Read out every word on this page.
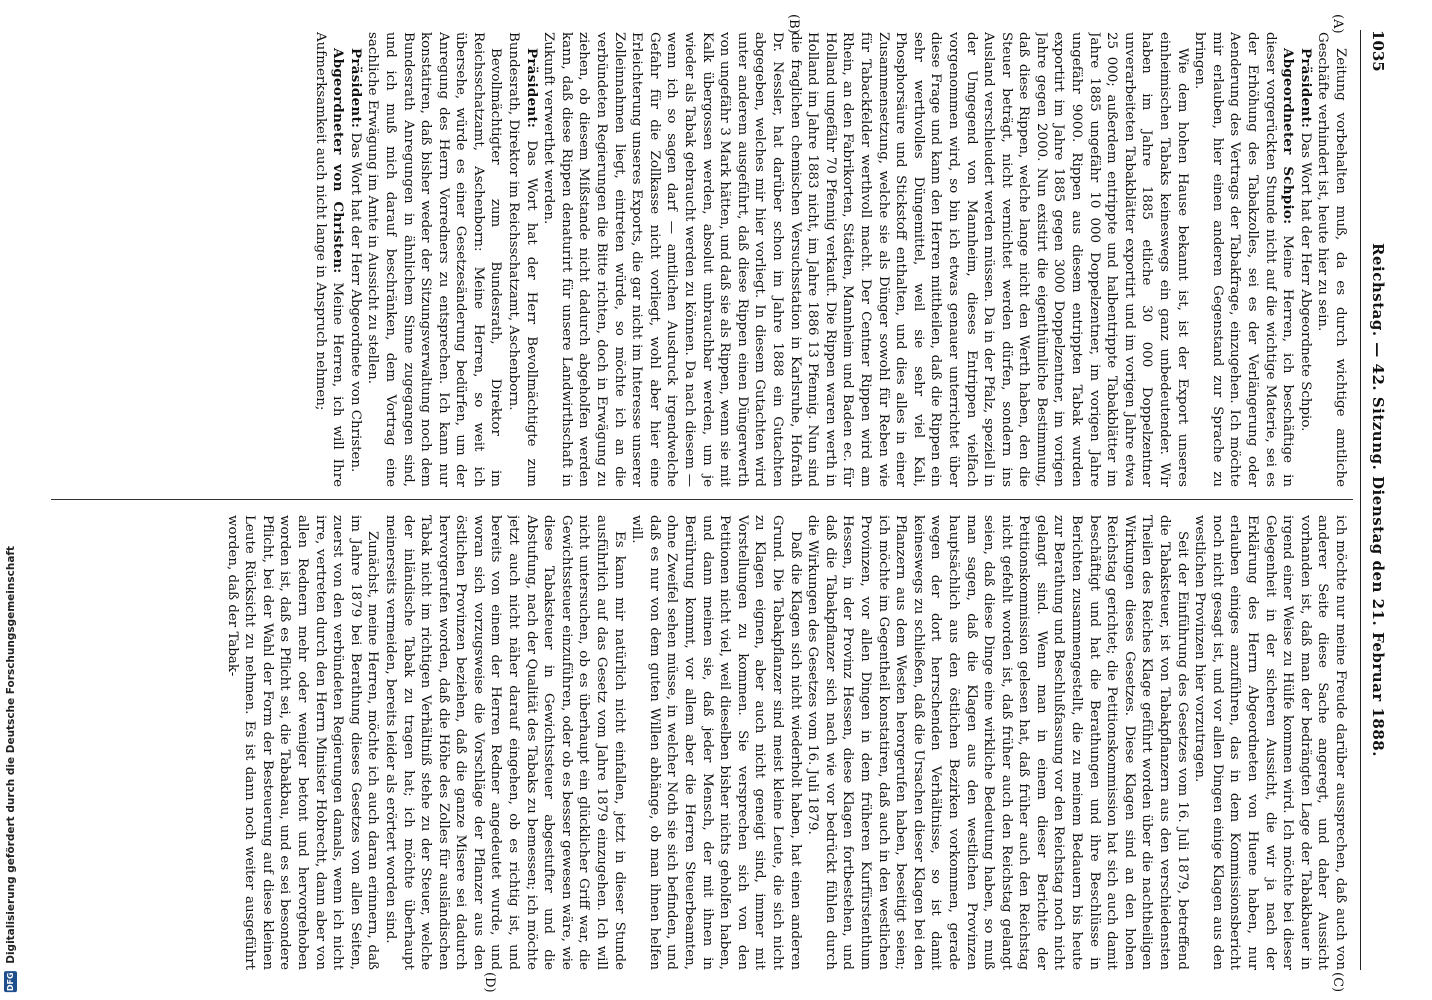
1035
Reichstag. — 42. Sitzung. Dienstag den 21. Februar 1888.
(A)
(B)
(C)
(D)

Zeitung vorbehalten muß, da es durch wichtige amtliche Geschäfte verhindert ist, heute hier zu sein.

Präsident: Das Wort hat der Herr Abgeordnete Schpio.

Abgeordneter Schpio: Meine Herren, ich beschäftige in dieser vorgerückten Stunde nicht auf die wichtige Materie, sei es der Erhöhung des Tabakzolles, sei es der Verlängerung oder Aenderung des Vertrags der Tabakfrage, einzugehen. Ich möchte mir erlauben, hier einen anderen Gegenstand zur Sprache zu bringen.

Wie dem hohen Hause bekannt ist, ist der Export unseres einheimischen Tabaks keineswegs ein ganz unbedeutender. Wir haben im Jahre 1885 etliche 30 000 Doppelzentner unverarbeiteten Tabakblätter exportirt und im vorigen Jahre etwa 25 000; außerdem entrippte und halbentrippte Tabakblätter im Jahre 1885 ungefähr 10 000 Doppelzentner, im vorigen Jahre ungefähr 9000. Rippen aus diesem entrippten Tabak wurden exportirt im Jahre 1885 gegen 3000 Doppelzentner, im vorigen Jahre gegen 2000. Nun existirt die eigenthümliche Bestimmung, daß diese Rippen, welche lange nicht den Werth haben, den die Steuer beträgt, nicht vernichtet werden dürfen, sondern ins Ausland verschleudert werden müssen. Da in der Pfalz, speziell in der Umgegend von Mannheim, dieses Entrippen vielfach vorgenommen wird, so bin ich etwas genauer unterrichtet über diese Frage und kann den Herren mittheilen, daß die Rippen ein sehr werthvolles Düngemittel, weil sie sehr viel Kali, Phosphorsäure und Stickstoff enthalten, und dies alles in einer Zusammensetzung, welche sie als Dünger sowohl für Reben wie für Tabackfelder werthvoll macht. Der Centner Rippen wird am Rhein, an den Fabrikorten, Städten, Mannheim und Baden ec. für Holland ungefähr 70 Pfennig verkauft. Die Rippen waren werth in Holland im Jahre 1883 nicht, im Jahre 1886 13 Pfennig. Nun sind die fraglichen chemischen Versuchsstation in Karlsruhe, Hofrath Dr. Nessler, hat darüber schon im Jahre 1888 ein Gutachten abgegeben, welches mir hier vorliegt. In diesem Gutachten wird unter anderem ausgeführt, daß diese Rippen einen Düngerwerth von ungefähr 3 Mark hätten, und daß sie als Rippen, wenn sie mit Kalk übergossen werden, absolut unbrauchbar werden, um je wieder als Tabak gebraucht werden zu können. Da nach diesem — wenn ich so sagen darf — amtlichen Ausdruck irgendwelche Gefahr für die Zollkasse nicht vorliegt, wohl aber hier eine Erleichterung unseres Exports, die gar nicht im Interesse unserer Zolleinnahmen liegt, eintreten würde, so möchte ich an die verbündeten Regierungen die Bitte richten, doch in Erwägung zu ziehen, ob diesem Mißstande nicht dadurch abgeholfen werden kann, daß diese Rippen denaturirt für unsere Landwirthschaft in Zukunft verwerthet werden.

Präsident: Das Wort hat der Herr Bevollmächtigte zum Bundesrath, Direktor im Reichsschatzamt, Aschenborn.

Bevollmächtigter zum Bundesrath, Direktor im Reichsschatzamt, Aschenborn: Meine Herren, so weit ich übersehe, würde es einer Gesetzesänderung bedürfen, um der Anregung des Herrn Vorredners zu entsprechen. Ich kann nur konstatiren, daß bisher weder der Sitzungsverwaltung noch dem Bundesrath Anregungen in ähnlichem Sinne zugegangen sind, und ich muß mich darauf beschränken, dem Vortrag eine sachliche Erwägung im Amte in Aussicht zu stellen.

Präsident: Das Wort hat der Herr Abgeordnete von Christen.

Abgeordneter von Christen: Meine Herren, ich will Ihre Aufmerksamkeit auch nicht lange in Anspruch nehmen;

ich möchte nur meine Freude darüber aussprechen, daß auch von anderer Seite diese Sache angeregt, und daher Aussicht vorhanden ist, daß man der bedrängten Lage der Tabakbauer in irgend einer Weise zu Hülfe kommen wird. Ich möchte bei dieser Gelegenheit in der sicheren Aussicht, die wir ja nach der Erklärung des Herrn Abgeordneten von Huene haben, nur erlauben einiges anzuführen, das in dem Kommissionsbericht noch nicht gesagt ist, und vor allen Dingen einige Klagen aus den westlichen Provinzen hier vorzutragen.

Seit der Einführung des Gesetzes vom 16. Juli 1879, betreffend die Tabaksteuer, ist von Tabakpflanzern aus den verschiedensten Theilen des Reiches Klage geführt worden über die nachtheiligen Wirkungen dieses Gesetzes. Diese Klagen sind an den hohen Reichstag gerichtet; die Petitionskommission hat sich auch damit beschäftigt und hat die Berathungen und ihre Beschlüsse in Berichten zusammengestellt, die zu meinem Bedauern bis heute zur Berathung und Beschlußfassung vor den Reichstag noch nicht gelangt sind. Wenn man in einem dieser Berichte der Petitionskommission gelesen hat, daß früher auch den Reichstag nicht gefehlt worden ist, daß früher auch den Reichstag gelangt seien, daß diese Dinge eine wirkliche Bedeutung haben, so muß man sagen, daß die Klagen aus den westlichen Provinzen hauptsächlich aus den östlichen Bezirken vorkommen, gerade wegen der dort herrschenden Verhältnisse, so ist damit keineswegs zu schließen, daß die Ursachen dieser Klagen bei den Pflanzern aus dem Westen herorgerufen haben, beseitigt seien; ich möchte im Gegentheil konstatiren, daß auch in den westlichen Provinzen, vor allen Dingen in dem früheren Kurfürstenthum Hessen, in der Provinz Hessen, diese Klagen fortbestehen, und daß die Tabakpflanzer sich nach wie vor bedrückt fühlen durch die Wirkungen des Gesetzes vom 16. Juli 1879.

Daß die Klagen sich nicht wiederholt haben, hat einen anderen Grund. Die Tabakpflanzer sind meist kleine Leute, die sich nicht zu Klagen eignen, aber auch nicht geneigt sind, immer mit Vorstellungen zu kommen. Sie versprechen sich von den Petitionen nicht viel, weil dieselben bisher nichts geholfen haben, und dann meinen sie, daß jeder Mensch, der mit ihnen in Berührung kommt, vor allem aber die Herren Steuerbeamten, ohne Zweifel sehen müsse, in welcher Noth sie sich befinden, und daß es nur von dem guten Willen abhänge, ob man ihnen helfen will.

Es kann mir natürlich nicht einfallen, jetzt in dieser Stunde ausführlich auf das Gesetz vom Jahre 1879 einzugehen. Ich will nicht untersuchen, ob es überhaupt ein glücklicher Griff war, die Gewichtssteuer einzuführen, oder ob es besser gewesen wäre, wie diese Tabaksteuer in Gewichtssteuer abgestufter und die Abstufung, nach der Qualität des Tabaks zu bemessen; ich möchte jetzt auch nicht näher darauf eingehen, ob es richtig ist, und bereits von einem der Herren Redner angedeutet wurde, und woran sich vorzugsweise die Vorschläge der Pflanzer aus den östlichen Provinzen beziehen, daß die ganze Misere sei dadurch hervorgerufen worden, daß die Höhe des Zolles für ausländischen Tabak nicht im richtigen Verhältniß stehe zu der Steuer, welche der inländische Tabak zu tragen hat; ich möchte überhaupt meinerseits vermeiden, bereits leider als erörtert worden sind.

Zunächst, meine Herren, möchte ich auch daran erinnern, daß im Jahre 1879 bei Berathung dieses Gesetzes von allen Seiten, zuerst von den verbündeten Regierungen damals, wenn ich nicht irre, vertreten durch den Herrn Minister Hobrecht, dann aber von allen Rednern mehr oder weniger betont und hervorgehoben worden ist, daß es Pflicht sei, die Tabakbau, und es sei besondere Pflicht, bei der Wahl der Form der Besteuerung auf diese kleinen Leute Rücksicht zu nehmen. Es ist dann noch weiter ausgeführt worden, daß der Tabak-

DFG Digitalisierung gefördert durch die Deutsche Forschungsgemeinschaft
